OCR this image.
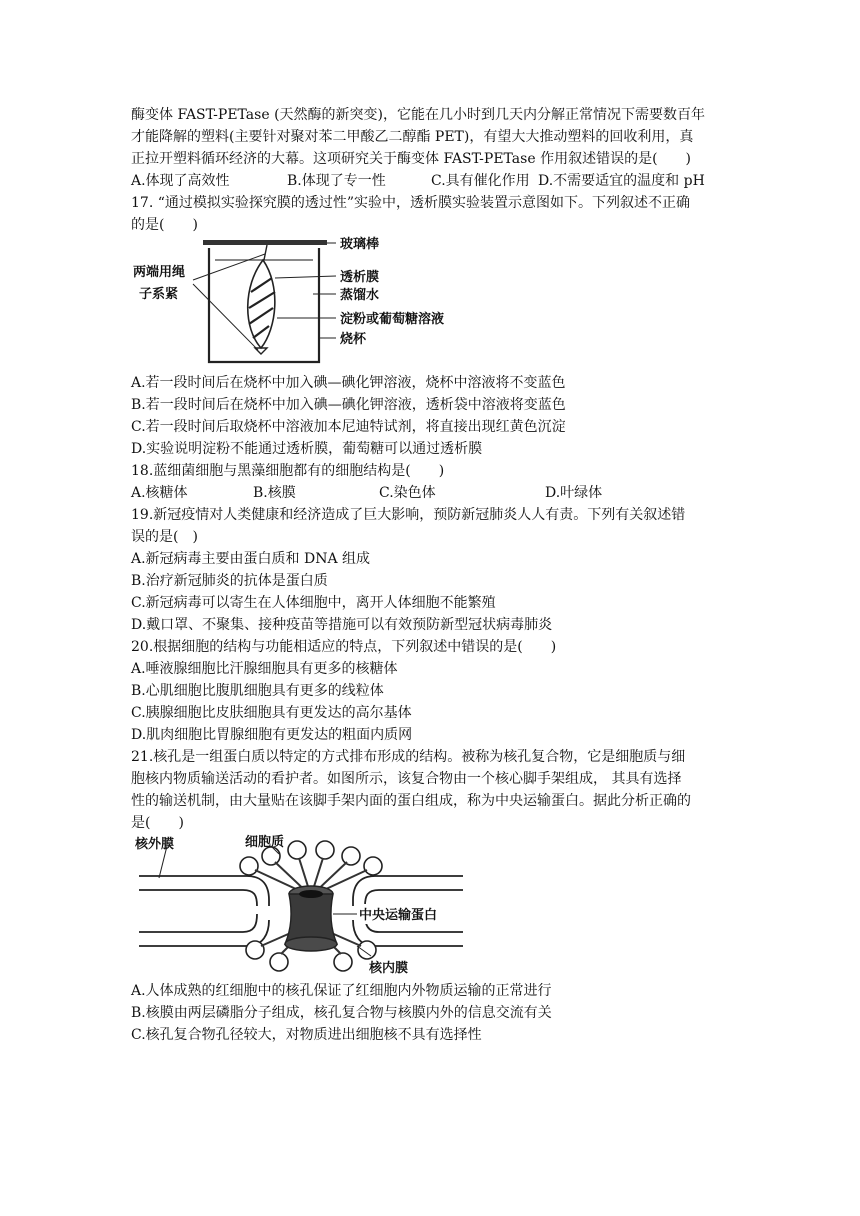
酶变体 FAST-PETase (天然酶的新突变)，它能在几小时到几天内分解正常情况下需要数百年
才能降解的塑料(主要针对聚对苯二甲酸乙二醇酯 PET)，有望大大推动塑料的回收利用，真
正拉开塑料循环经济的大幕。这项研究关于酶变体 FAST-PETase 作用叙述错误的是(　　)
A.体现了高效性	B.体现了专一性	C.具有催化作用 D.不需要适宜的温度和 pH
17. “通过模拟实验探究膜的透过性”实验中，透析膜实验装置示意图如下。下列叙述不正确
的是(　　)
玻璃棒
透析膜
蒸馏水
淀粉或葡萄糖溶液
烧杯
两端用绳
子系紧
A.若一段时间后在烧杯中加入碘—碘化钾溶液，烧杯中溶液将不变蓝色
B.若一段时间后在烧杯中加入碘—碘化钾溶液，透析袋中溶液将变蓝色
C.若一段时间后取烧杯中溶液加本尼迪特试剂，将直接出现红黄色沉淀
D.实验说明淀粉不能通过透析膜，葡萄糖可以通过透析膜
18.蓝细菌细胞与黑藻细胞都有的细胞结构是(　　)
A.核糖体	B.核膜	C.染色体	D.叶绿体
19.新冠疫情对人类健康和经济造成了巨大影响，预防新冠肺炎人人有责。下列有关叙述错
误的是(　)
A.新冠病毒主要由蛋白质和 DNA 组成
B.治疗新冠肺炎的抗体是蛋白质
C.新冠病毒可以寄生在人体细胞中，离开人体细胞不能繁殖
D.戴口罩、不聚集、接种疫苗等措施可以有效预防新型冠状病毒肺炎
20.根据细胞的结构与功能相适应的特点，下列叙述中错误的是(　　)
A.唾液腺细胞比汗腺细胞具有更多的核糖体
B.心肌细胞比腹肌细胞具有更多的线粒体
C.胰腺细胞比皮肤细胞具有更发达的高尔基体
D.肌肉细胞比胃腺细胞有更发达的粗面内质网
21.核孔是一组蛋白质以特定的方式排布形成的结构。被称为核孔复合物，它是细胞质与细
胞核内物质输送活动的看护者。如图所示，该复合物由一个核心脚手架组成， 其具有选择
性的输送机制，由大量贴在该脚手架内面的蛋白组成，称为中央运输蛋白。据此分析正确的
是(　　)
核外膜	细胞质
中央运输蛋白
核内膜
A.人体成熟的红细胞中的核孔保证了红细胞内外物质运输的正常进行
B.核膜由两层磷脂分子组成，核孔复合物与核膜内外的信息交流有关
C.核孔复合物孔径较大，对物质进出细胞核不具有选择性
